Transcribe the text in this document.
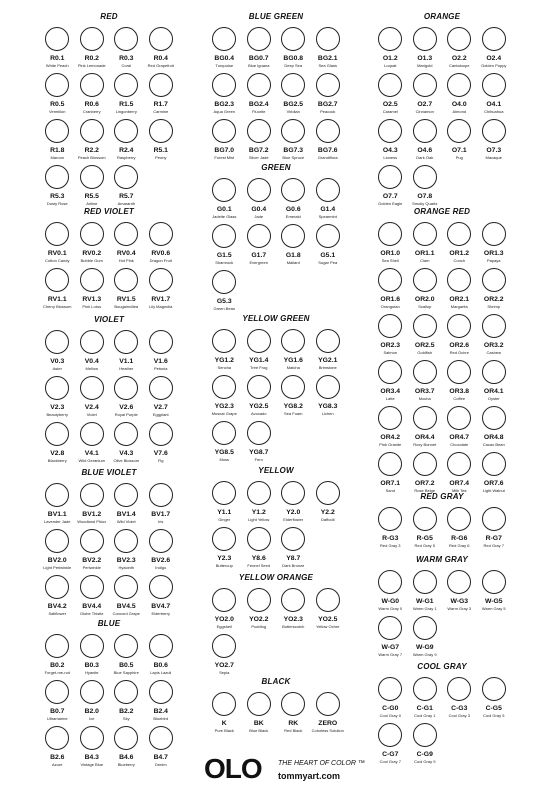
RED
R0.1
White Peach
R0.2
Pink Lemonade
R0.3
Coral
R0.4
Red Grapefruit
R0.5
Vermilion
R0.6
Cranberry
R1.5
Lingonberry
R1.7
Carmine
R1.8
Maroon
R2.2
Peach Blossom
R2.4
Raspberry
R5.1
Peony
R5.3
Dusty Rose
R5.5
Airline
R5.7
Amaranth
RED VIOLET
RV0.1
Cotton Candy
RV0.2
Bubble Gum
RV0.4
Hot Pink
RV0.6
Dragon Fruit
RV1.1
Cherry Blossom
RV1.3
Pink Lotus
RV1.5
Bougainvillea
RV1.7
Lily Magnolia
VIOLET
V0.3
Aster
V0.4
Mellow
V1.1
Heather
V1.6
Petunia
V2.3
Beautyberry
V2.4
Violet
V2.6
Royal Purple
V2.7
Eggplant
V2.8
Blackberry
V4.1
Wild Geranium
V4.3
Olive Blossom
V7.6
Fig
BLUE VIOLET
BV1.1
Lavender Jade
BV1.2
Woodland Phlox
BV1.4
Wild Violet
BV1.7
Iris
BV2.0
Light Periwinkle
BV2.2
Periwinkle
BV2.3
Hyacinth
BV2.6
Indigo
BV4.2
Saltflower
BV4.4
Globe Thistle
BV4.5
Concord Grape
BV4.7
Elderberry
BLUE
B0.2
Forget-me-not
B0.3
Hyanite
B0.5
Blue Sapphire
B0.6
Lapis Lazuli
B0.7
Ultramarine
B2.0
Ice
B2.2
Sky
B2.4
Bluebird
B2.6
Azure
B4.3
Vintage Blue
B4.6
Blueberry
B4.7
Denim
BLUE GREEN
BG0.4
Turquoise
BG0.7
Blue Iguana
BG0.8
Deep Sea
BG2.1
Sea Glass
BG2.3
Aqua Green
BG2.4
Fluorite
BG2.5
Viridian
BG2.7
Peacock
BG7.0
Forest Mist
BG7.2
Silver Jade
BG7.3
Blue Spruce
BG7.6
Grandiflora
GREEN
G0.1
Jadeite Glass
G0.4
Jade
G0.6
Emerald
G1.4
Spearmint
G1.5
Shamrock
G1.7
Evergreen
G1.8
Mallard
G5.1
Sugar Pea
G5.3
Green Bean
YELLOW GREEN
YG1.2
Sencha
YG1.4
Tree Frog
YG1.6
Matcha
YG2.1
Brimstone
YG2.3
Muscat Grape
YG2.5
Avocado
YG8.2
Sea Foam
YG8.3
Lichen
YG8.5
Moss
YG8.7
Fern
YELLOW
Y1.1
Ginger
Y1.2
Light Yellow
Y2.0
Elderflower
Y2.2
Daffodil
Y2.3
Buttercup
Y8.6
Fennel Seed
Y8.7
Dark Bronze
YELLOW ORANGE
YO2.0
Eggshell
YO2.2
Pudding
YO2.3
Butterscotch
YO2.5
Yellow Ochre
YO2.7
Sepia
BLACK
K
Pure Black
BK
Blue Black
RK
Red Black
ZERO
Colorless Solution
ORANGE
O1.2
Loquat
O1.3
Marigold
O2.2
Cantaloupe
O2.4
Golden Poppy
O2.5
Caramel
O2.7
Cinnamon
O4.0
Almond
O4.1
Chihuahua
O4.3
Lioness
O4.6
Dark Oak
O7.1
Pug
O7.3
Macaque
O7.7
Golden Eagle
O7.8
Smoky Quartz
ORANGE RED
OR1.0
Sea Shell
OR1.1
Clam
OR1.2
Conch
OR1.3
Papaya
OR1.6
Orangutan
OR2.0
Scallop
OR2.1
Margarita
OR2.2
Shrimp
OR2.3
Salmon
OR2.5
Goldfish
OR2.6
Red Ochre
OR3.2
Cashew
OR3.4
Latte
OR3.7
Mocha
OR3.8
Coffee
OR4.1
Oyster
OR4.2
Pink Granite
OR4.4
Roxy Bonnet
OR4.7
Chocolate
OR4.8
Cacao Bean
OR7.1
Sand
OR7.2
Rose Beige
OR7.4
Milk Tea
OR7.6
Light Walnut
RED GRAY
R-G3
Red Gray 3
R-G5
Red Gray 5
R-G6
Red Gray 6
R-G7
Red Gray 7
WARM GRAY
W-G0
Warm Gray 0
W-G1
Warm Gray 1
W-G3
Warm Gray 3
W-G5
Warm Gray 5
W-G7
Warm Gray 7
W-G9
Warm Gray 9
COOL GRAY
C-G0
Cool Gray 0
C-G1
Cool Gray 1
C-G3
Cool Gray 3
C-G5
Cool Gray 5
C-G7
Cool Gray 7
C-G9
Cool Gray 9
OLO THE HEART OF COLOR ™
tommyart.com
